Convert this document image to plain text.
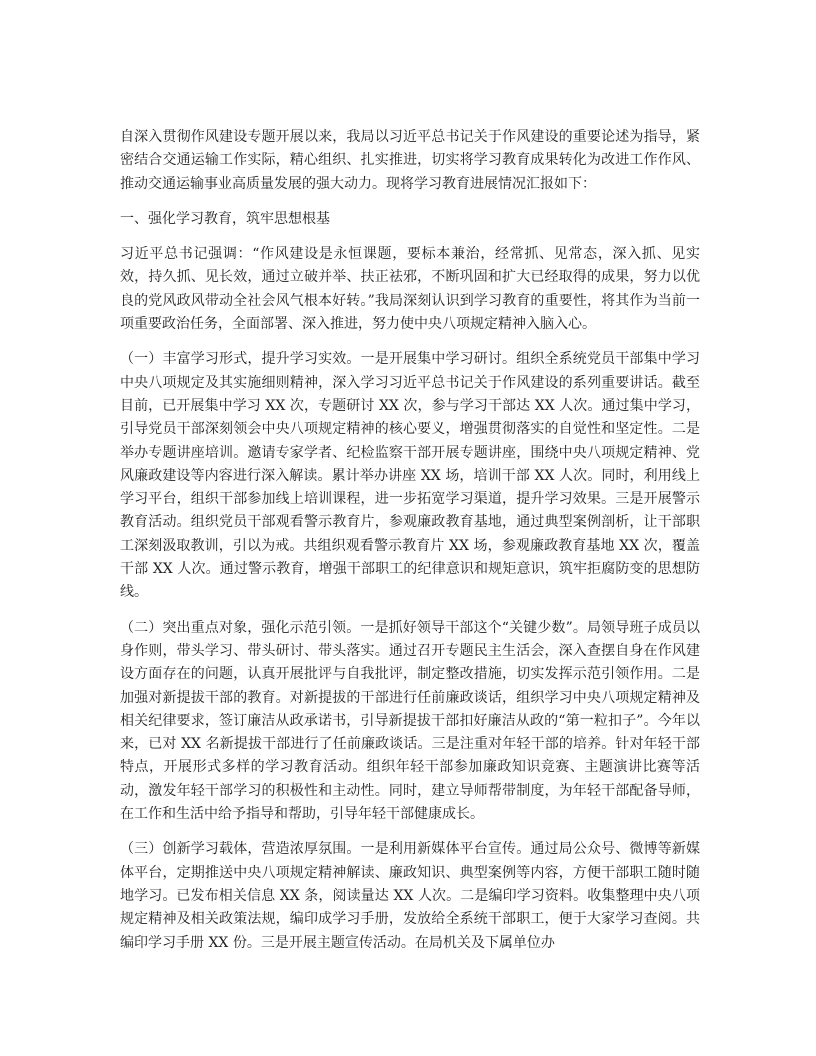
自深入贯彻作风建设专题开展以来，我局以习近平总书记关于作风建设的重要论述为指导，紧密结合交通运输工作实际，精心组织、扎实推进，切实将学习教育成果转化为改进工作作风、推动交通运输事业高质量发展的强大动力。现将学习教育进展情况汇报如下：

一、强化学习教育，筑牢思想根基

习近平总书记强调：“作风建设是永恒课题，要标本兼治，经常抓、见常态，深入抓、见实效，持久抓、见长效，通过立破并举、扶正祛邪，不断巩固和扩大已经取得的成果，努力以优良的党风政风带动全社会风气根本好转。”我局深刻认识到学习教育的重要性，将其作为当前一项重要政治任务，全面部署、深入推进，努力使中央八项规定精神入脑入心。

（一）丰富学习形式，提升学习实效。一是开展集中学习研讨。组织全系统党员干部集中学习中央八项规定及其实施细则精神，深入学习习近平总书记关于作风建设的系列重要讲话。截至目前，已开展集中学习 XX 次，专题研讨 XX 次，参与学习干部达 XX 人次。通过集中学习，引导党员干部深刻领会中央八项规定精神的核心要义，增强贯彻落实的自觉性和坚定性。二是举办专题讲座培训。邀请专家学者、纪检监察干部开展专题讲座，围绕中央八项规定精神、党风廉政建设等内容进行深入解读。累计举办讲座 XX 场，培训干部 XX 人次。同时，利用线上学习平台，组织干部参加线上培训课程，进一步拓宽学习渠道，提升学习效果。三是开展警示教育活动。组织党员干部观看警示教育片，参观廉政教育基地，通过典型案例剖析，让干部职工深刻汲取教训，引以为戒。共组织观看警示教育片 XX 场，参观廉政教育基地 XX 次，覆盖干部 XX 人次。通过警示教育，增强干部职工的纪律意识和规矩意识，筑牢拒腐防变的思想防线。

（二）突出重点对象，强化示范引领。一是抓好领导干部这个“关键少数”。局领导班子成员以身作则，带头学习、带头研讨、带头落实。通过召开专题民主生活会，深入查摆自身在作风建设方面存在的问题，认真开展批评与自我批评，制定整改措施，切实发挥示范引领作用。二是加强对新提拔干部的教育。对新提拔的干部进行任前廉政谈话，组织学习中央八项规定精神及相关纪律要求，签订廉洁从政承诺书，引导新提拔干部扣好廉洁从政的“第一粒扣子”。今年以来，已对 XX 名新提拔干部进行了任前廉政谈话。三是注重对年轻干部的培养。针对年轻干部特点，开展形式多样的学习教育活动。组织年轻干部参加廉政知识竞赛、主题演讲比赛等活动，激发年轻干部学习的积极性和主动性。同时，建立导师帮带制度，为年轻干部配备导师，在工作和生活中给予指导和帮助，引导年轻干部健康成长。

（三）创新学习载体，营造浓厚氛围。一是利用新媒体平台宣传。通过局公众号、微博等新媒体平台，定期推送中央八项规定精神解读、廉政知识、典型案例等内容，方便干部职工随时随地学习。已发布相关信息 XX 条，阅读量达 XX 人次。二是编印学习资料。收集整理中央八项规定精神及相关政策法规，编印成学习手册，发放给全系统干部职工，便于大家学习查阅。共编印学习手册 XX 份。三是开展主题宣传活动。在局机关及下属单位办
